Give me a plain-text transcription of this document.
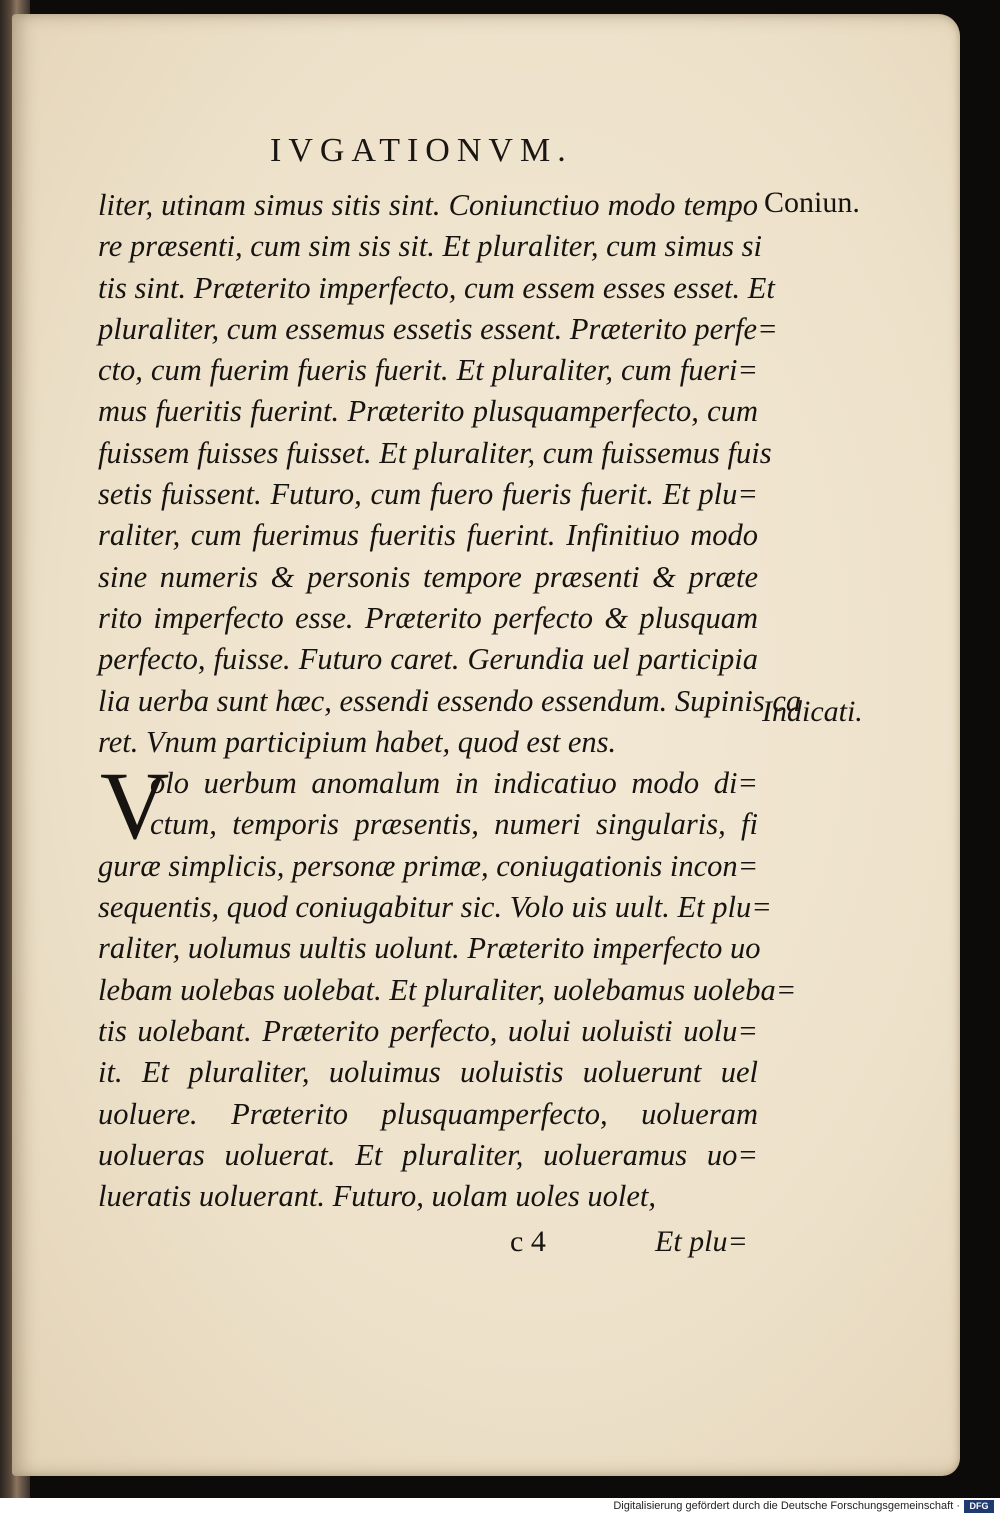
IVGATIONVM.
liter, utinam simus sitis sint. Coniunctiuo modo tempo
re præsenti, cum sim sis sit. Et pluraliter, cum simus si
tis sint. Præterito imperfecto, cum essem esses esset. Et
pluraliter, cum essemus essetis essent. Præterito perfe=
cto, cum fuerim fueris fuerit. Et pluraliter, cum fueri=
mus fueritis fuerint. Præterito plusquamperfecto, cum
fuissem fuisses fuisset. Et pluraliter, cum fuissemus fuis
setis fuissent. Futuro, cum fuero fueris fuerit. Et plu=
raliter, cum fuerimus fueritis fuerint. Infinitiuo modo
sine numeris & personis tempore præsenti & præte
rito imperfecto esse. Præterito perfecto & plusquam
perfecto, fuisse. Futuro caret. Gerundia uel participia
lia uerba sunt hæc, essendi essendo essendum. Supinis ca
ret. Vnum participium habet, quod est ens.
olo uerbum anomalum in indicatiuo modo di=
ctum, temporis præsentis, numeri singularis, fi
guræ simplicis, personæ primæ, coniugationis incon=
sequentis, quod coniugabitur sic. Volo uis uult. Et plu=
raliter, uolumus uultis uolunt. Præterito imperfecto uo
lebam uolebas uolebat. Et pluraliter, uolebamus uoleba=
tis uolebant. Præterito perfecto, uolui uoluisti uolu=
it. Et pluraliter, uoluimus uoluistis uoluerunt uel
uoluere. Præterito plusquamperfecto, uolueram
uolueras uoluerat. Et pluraliter, uolueramus uo=
lueratis uoluerant. Futuro, uolam uoles uolet,
V
Coniun.
Indicati.
c 4	Et plu=
Digitalisierung gefördert durch die Deutsche Forschungsgemeinschaft ·	DFG
